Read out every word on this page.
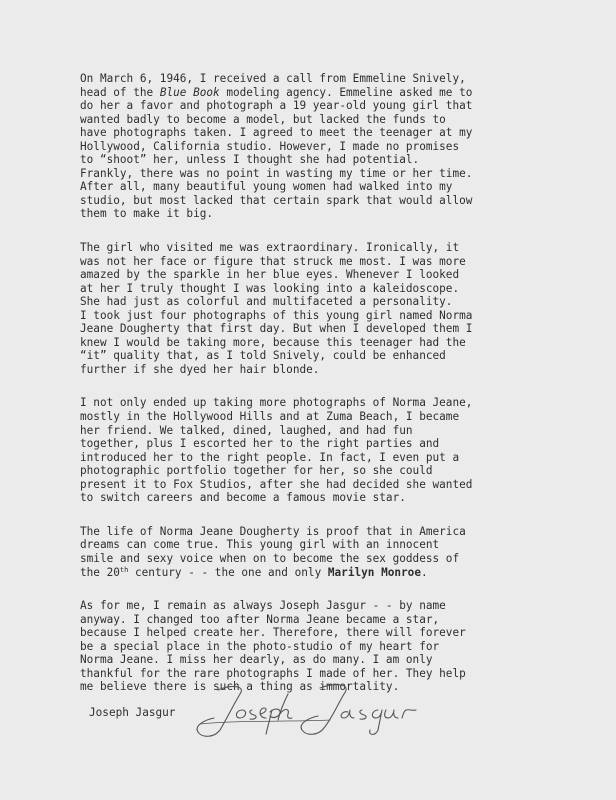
On March 6, 1946, I received a call from Emmeline Snively,
head of the Blue Book modeling agency. Emmeline asked me to
do her a favor and photograph a 19 year-old young girl that
wanted badly to become a model, but lacked the funds to
have photographs taken. I agreed to meet the teenager at my
Hollywood, California studio. However, I made no promises
to “shoot” her, unless I thought she had potential.
Frankly, there was no point in wasting my time or her time.
After all, many beautiful young women had walked into my
studio, but most lacked that certain spark that would allow
them to make it big.

The girl who visited me was extraordinary. Ironically, it
was not her face or figure that struck me most. I was more
amazed by the sparkle in her blue eyes. Whenever I looked
at her I truly thought I was looking into a kaleidoscope.
She had just as colorful and multifaceted a personality.
I took just four photographs of this young girl named Norma
Jeane Dougherty that first day. But when I developed them I
knew I would be taking more, because this teenager had the
“it” quality that, as I told Snively, could be enhanced
further if she dyed her hair blonde.

I not only ended up taking more photographs of Norma Jeane,
mostly in the Hollywood Hills and at Zuma Beach, I became
her friend. We talked, dined, laughed, and had fun
together, plus I escorted her to the right parties and
introduced her to the right people. In fact, I even put a
photographic portfolio together for her, so she could
present it to Fox Studios, after she had decided she wanted
to switch careers and become a famous movie star.

The life of Norma Jeane Dougherty is proof that in America
dreams can come true. This young girl with an innocent
smile and sexy voice when on to become the sex goddess of
the 20th century - - the one and only Marilyn Monroe.

As for me, I remain as always Joseph Jasgur - - by name
anyway. I changed too after Norma Jeane became a star,
because I helped create her. Therefore, there will forever
be a special place in the photo-studio of my heart for
Norma Jeane. I miss her dearly, as do many. I am only
thankful for the rare photographs I made of her. They help
me believe there is such a thing as immortality.

Joseph Jasgur
